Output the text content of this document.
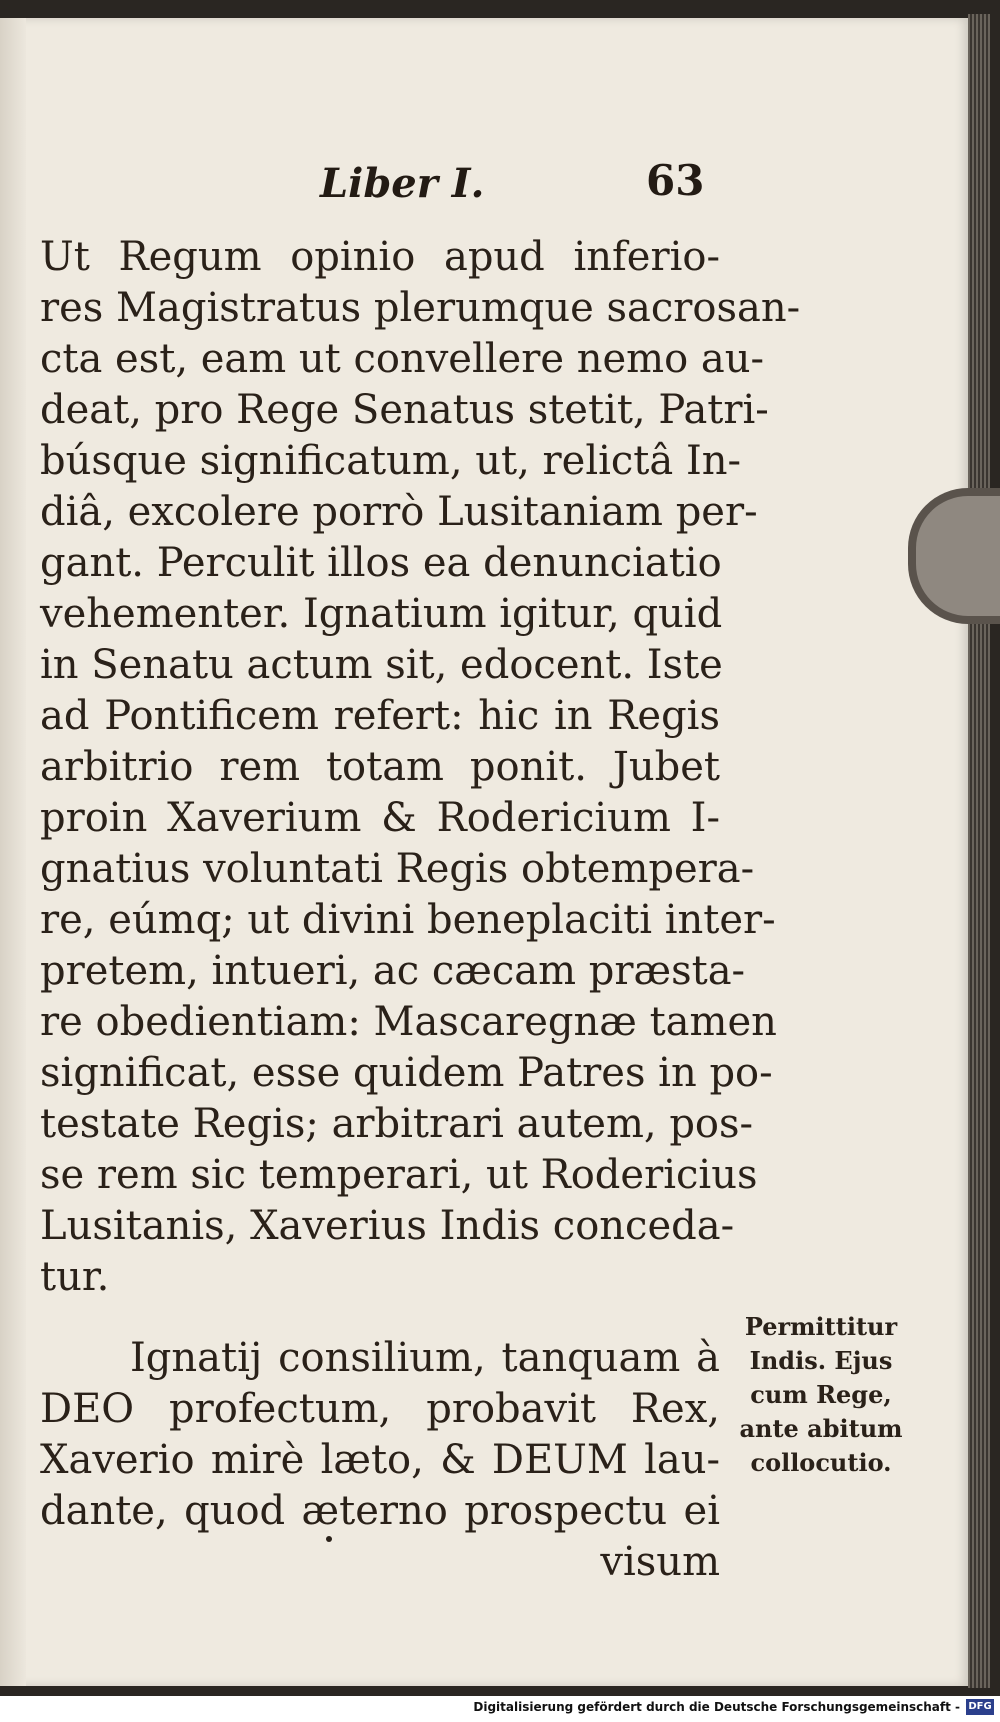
Liber I.	63
Ut Regum opinio apud inferio-
res Magistratus plerumque sacrosan-
cta est, eam ut convellere nemo au-
deat, pro Rege Senatus stetit, Patri-
búsque significatum, ut, relictâ In-
diâ, excolere porrò Lusitaniam per-
gant. Perculit illos ea denunciatio
vehementer. Ignatium igitur, quid
in Senatu actum sit, edocent. Iste
ad Pontificem refert: hic in Regis
arbitrio rem totam ponit. Jubet
proin Xaverium & Rodericium I-
gnatius voluntati Regis obtempera-
re, eúmq; ut divini beneplaciti inter-
pretem, intueri, ac cæcam præsta-
re obedientiam: Mascaregnæ tamen
significat, esse quidem Patres in po-
testate Regis; arbitrari autem, pos-
se rem sic temperari, ut Rodericius
Lusitanis, Xaverius Indis conceda-
tur.
Ignatij consilium, tanquam à
DEO profectum, probavit Rex,
Xaverio mirè læto, & DEUM lau-
dante, quod æterno prospectu ei
visum
Permittitur
Indis. Ejus
cum Rege,
ante abitum
collocutio.
Digitalisierung gefördert durch die Deutsche Forschungsgemeinschaft - DFG
